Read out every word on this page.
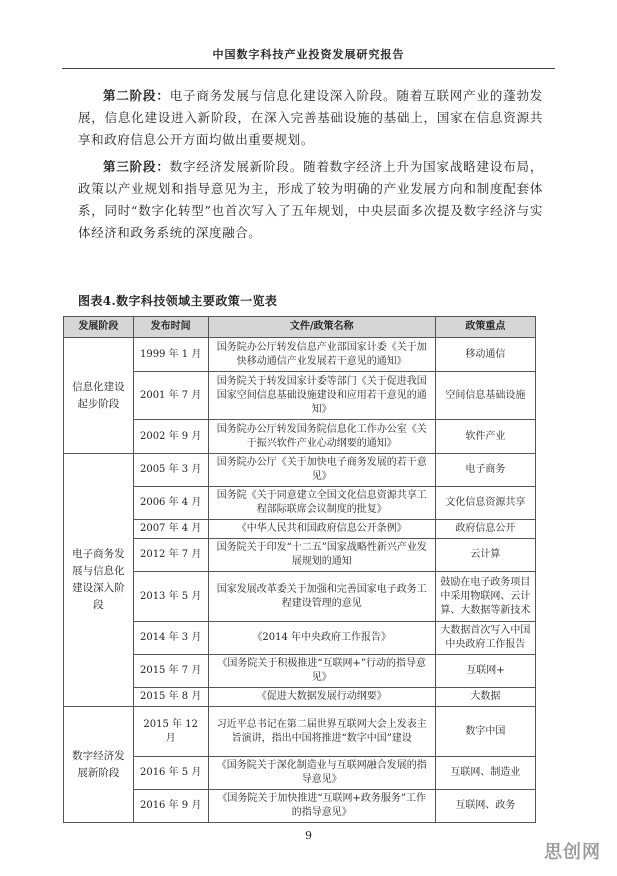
中国数字科技产业投资发展研究报告

第二阶段：电子商务发展与信息化建设深入阶段。随着互联网产业的蓬勃发展，信息化建设进入新阶段，在深入完善基础设施的基础上，国家在信息资源共享和政府信息公开方面均做出重要规划。

第三阶段：数字经济发展新阶段。随着数字经济上升为国家战略建设布局，政策以产业规划和指导意见为主，形成了较为明确的产业发展方向和制度配套体系，同时“数字化转型”也首次写入了五年规划，中央层面多次提及数字经济与实体经济和政务系统的深度融合。

图表4.数字科技领域主要政策一览表
发展阶段	发布时间	文件/政策名称	政策重点
信息化建设起步阶段	1999 年 1 月	国务院办公厅转发信息产业部国家计委《关于加快移动通信产业发展若干意见的通知》	移动通信
	2001 年 7 月	国务院关于转发国家计委等部门《关于促进我国国家空间信息基础设施建设和应用若干意见的通知》	空间信息基础设施
	2002 年 9 月	国务院办公厅转发国务院信息化工作办公室《关于振兴软件产业心动纲要的通知》	软件产业
电子商务发展与信息化建设深入阶段	2005 年 3 月	国务院办公厅《关于加快电子商务发展的若干意见》	电子商务
	2006 年 4 月	国务院《关于同意建立全国文化信息资源共享工程部际联席会议制度的批复》	文化信息资源共享
	2007 年 4 月	《中华人民共和国政府信息公开条例》	政府信息公开
	2012 年 7 月	国务院关于印发“十二五”国家战略性新兴产业发展规划的通知	云计算
	2013 年 5 月	国家发展改革委关于加强和完善国家电子政务工程建设管理的意见	鼓励在电子政务项目中采用物联网、云计算、大数据等新技术
	2014 年 3 月	《2014 年中央政府工作报告》	大数据首次写入中国中央政府工作报告
	2015 年 7 月	《国务院关于积极推进“互联网+”行动的指导意见》	互联网+
	2015 年 8 月	《促进大数据发展行动纲要》	大数据
数字经济发展新阶段	2015 年 12 月	习近平总书记在第二届世界互联网大会上发表主旨演讲，指出中国将推进“数字中国”建设	数字中国
	2016 年 5 月	《国务院关于深化制造业与互联网融合发展的指导意见》	互联网、制造业
	2016 年 9 月	《国务院关于加快推进“互联网+政务服务”工作的指导意见》	互联网、政务
9
思创网
